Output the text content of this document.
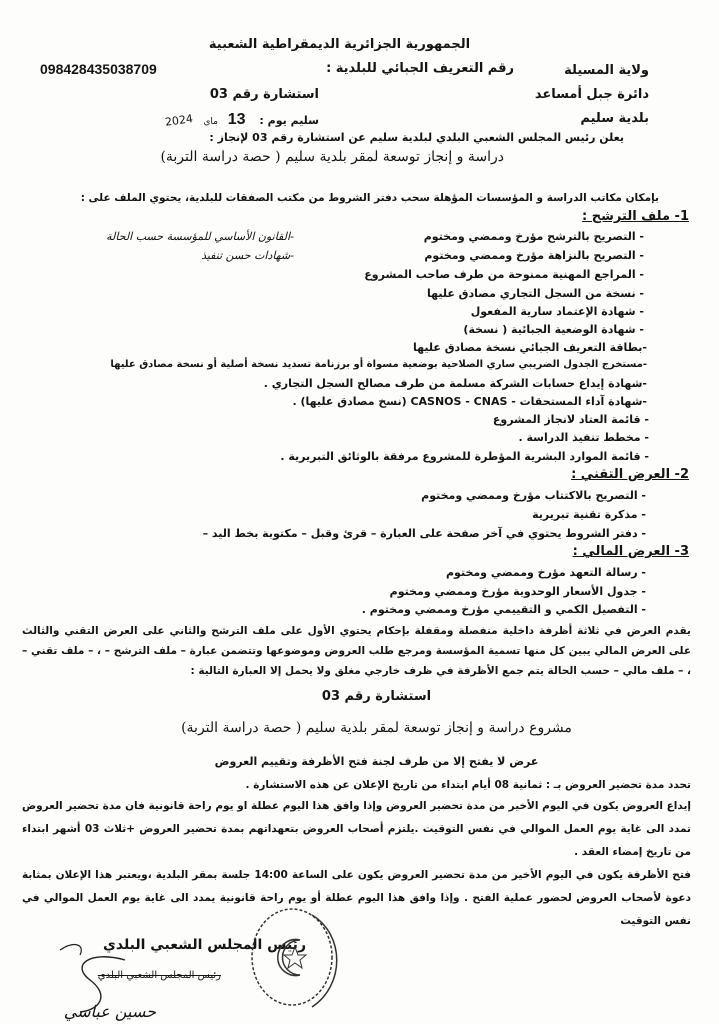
الجمهورية الجزائرية الديمقراطية الشعبية
رقم التعريف الجبائي للبلدية :
098428435038709	ولاية المسيلة
استشارة رقم 03	دائرة جبل أمساعد
سليم يوم : 13 ماي 2024	بلدية سليم
يعلن رئيس المجلس الشعبي البلدي لبلدية سليم عن استشارة رقم 03 لإنجاز :
دراسة و إنجاز توسعة لمقر بلدية سليم ( حصة دراسة التربة)
بإمكان مكاتب الدراسة و المؤسسات المؤهلة سحب دفتر الشروط من مكتب الصفقات للبلدية، يحتوي الملف على :
1- ملف الترشح :
-القانون الأساسي للمؤسسة حسب الحالة
-شهادات حسن تنفيذ
- التصريح بالترشح مؤرخ وممضي ومختوم
- التصريح بالنزاهة مؤرخ وممضي ومختوم
- المراجع المهنية ممنوحة من طرف صاحب المشروع
- نسخة من السجل التجاري مصادق عليها
- شهادة الإعتماد سارية المفعول
- شهادة الوضعية الجبائية ( نسخة)
-بطاقة التعريف الجبائي نسخة مصادق عليها
-مستخرج الجدول الضريبي ساري الصلاحية بوضعية مسواة أو برزنامة تسديد نسخة أصلية أو نسخة مصادق عليها
-شهادة إيداع حسابات الشركة مسلمة من طرف مصالح السجل التجاري .
-شهادة آداء المستحقات - CASNOS - CNAS (نسخ مصادق عليها) .
- قائمة العتاد لانجاز المشروع
- مخطط تنفيذ الدراسة .
- قائمة الموارد البشرية المؤطرة للمشروع مرفقة بالوثائق التبريرية .
2- العرض التقني :
- التصريح بالاكتتاب مؤرخ وممضي ومختوم
- مذكرة تقنية تبريرية
- دفتر الشروط يحتوي في آخر صفحة على العبارة – قرئ وقبل – مكتوبة بخط اليد –
3- العرض المالي :
- رسالة التعهد مؤرخ وممضي ومختوم
- جدول الأسعار الوحدوية مؤرخ وممضي ومختوم
- التفصيل الكمي و التقييمي مؤرخ وممضي ومختوم .
يقدم العرض في ثلاثة أظرفة داخلية منفصلة ومقفلة بإحكام يحتوي الأول على ملف الترشح والثاني على العرض التقني والثالث على العرض المالي يبين كل منها تسمية المؤسسة ومرجع طلب العروض وموضوعها وتتضمن عبارة – ملف الترشح – ، – ملف تقني – ، – ملف مالي – حسب الحالة يتم جمع الأظرفة في ظرف خارجي مغلق ولا يحمل إلا العبارة التالية :
استشارة رقم 03
مشروع دراسة و إنجاز توسعة لمقر بلدية سليم ( حصة دراسة التربة)
عرض لا يفتح إلا من طرف لجنة فتح الأظرفة وتقييم العروض
تحدد مدة تحضير العروض بـ : ثمانية 08 أيام ابتداء من تاريخ الإعلان عن هذه الاستشارة .
إيداع العروض يكون في اليوم الأخير من مدة تحضير العروض وإذا وافق هذا اليوم عطلة او يوم راحة قانونية فان مدة تحضير العروض تمدد الى غاية يوم العمل الموالي في نفس التوقيت .يلتزم أصحاب العروض بتعهداتهم بمدة تحضير العروض +ثلاث 03 أشهر ابتداء من تاريخ إمضاء العقد .
فتح الأظرفة يكون في اليوم الأخير من مدة تحضير العروض يكون على الساعة 14:00 جلسة بمقر البلدية ،ويعتبر هذا الإعلان بمثابة دعوة لأصحاب العروض لحضور عملية الفتح . وإذا وافق هذا اليوم عطلة أو يوم راحة قانونية يمدد الى غاية يوم العمل الموالي في نفس التوقيت
رئيس المجلس الشعبي البلدي
رئيس المجلس الشعبي البلدي
حسين عباسي
